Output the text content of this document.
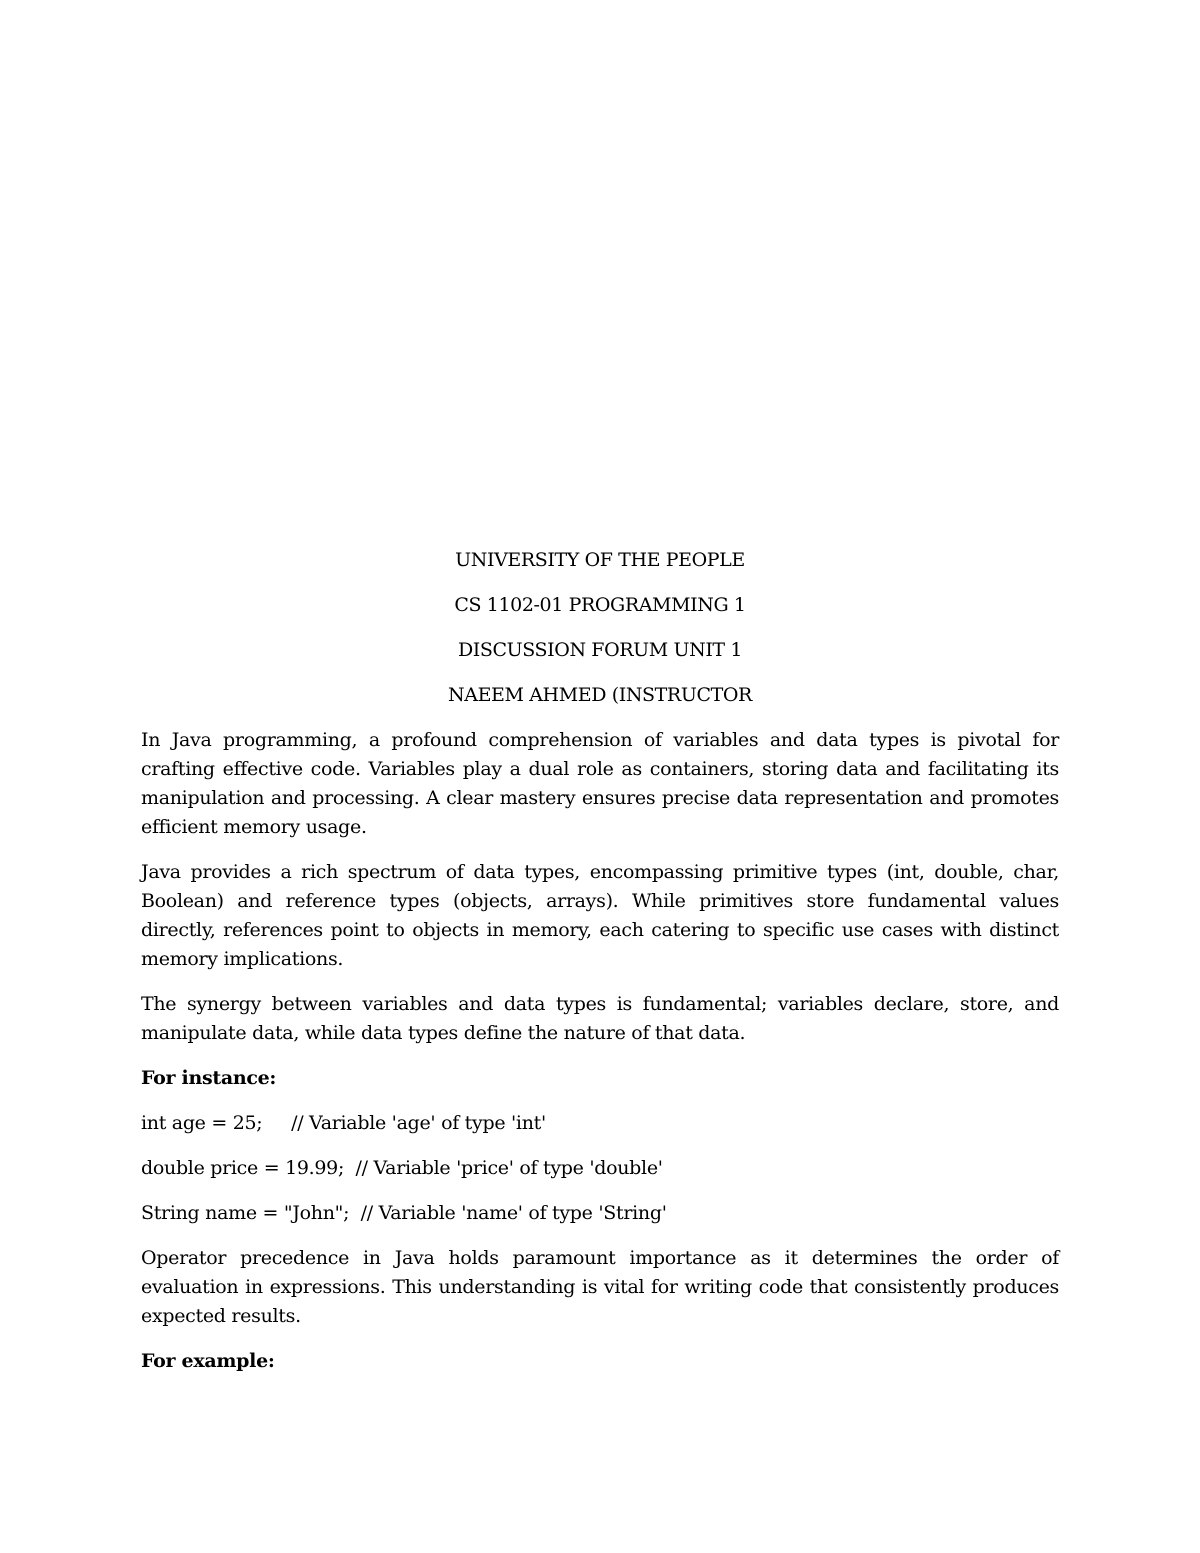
UNIVERSITY OF THE PEOPLE
CS 1102-01 PROGRAMMING 1
DISCUSSION FORUM UNIT 1
NAEEM AHMED (INSTRUCTOR

In Java programming, a profound comprehension of variables and data types is pivotal for crafting effective code. Variables play a dual role as containers, storing data and facilitating its manipulation and processing. A clear mastery ensures precise data representation and promotes efficient memory usage.

Java provides a rich spectrum of data types, encompassing primitive types (int, double, char, Boolean) and reference types (objects, arrays). While primitives store fundamental values directly, references point to objects in memory, each catering to specific use cases with distinct memory implications.

The synergy between variables and data types is fundamental; variables declare, store, and manipulate data, while data types define the nature of that data.

For instance:

int age = 25;     // Variable 'age' of type 'int'

double price = 19.99;  // Variable 'price' of type 'double'

String name = "John";  // Variable 'name' of type 'String'

Operator precedence in Java holds paramount importance as it determines the order of evaluation in expressions. This understanding is vital for writing code that consistently produces expected results.

For example:
